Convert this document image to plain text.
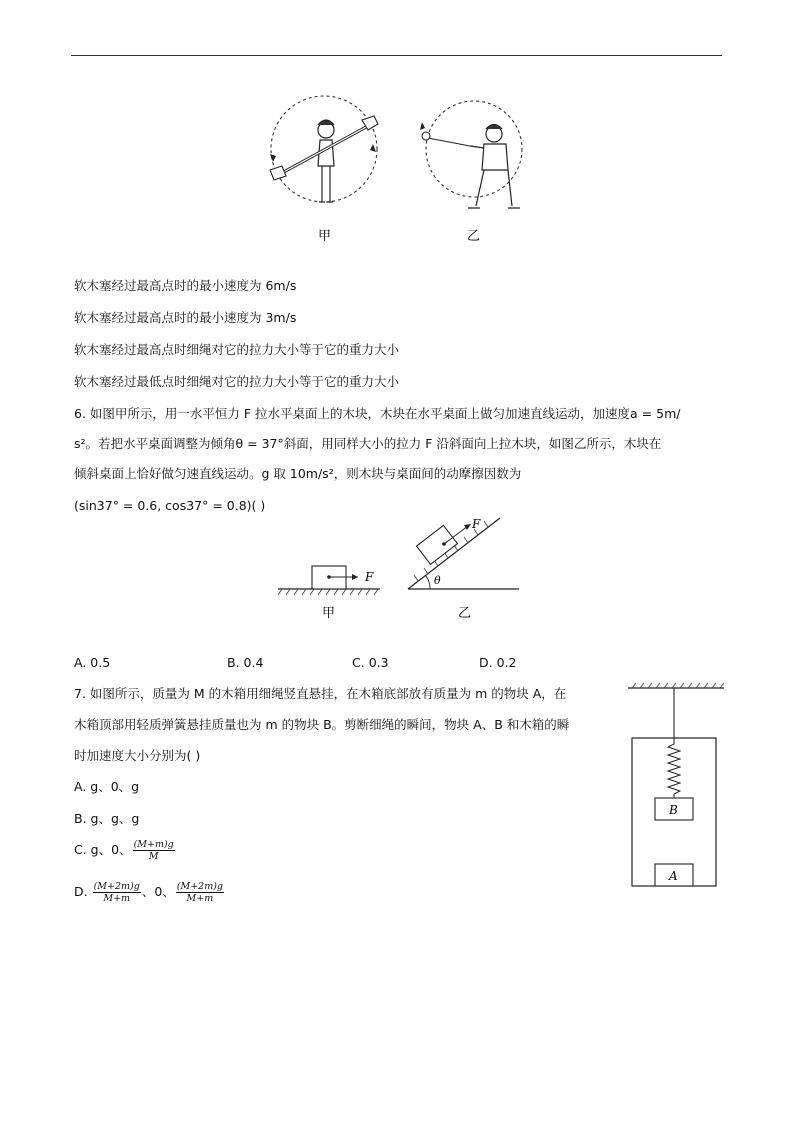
甲	乙
软木塞经过最高点时的最小速度为 6m/s
软木塞经过最高点时的最小速度为 3m/s
软木塞经过最高点时细绳对它的拉力大小等于它的重力大小
软木塞经过最低点时细绳对它的拉力大小等于它的重力大小
6. 如图甲所示，用一水平恒力 F 拉水平桌面上的木块，木块在水平桌面上做匀加速直线运动，加速度a = 5m/
s²。若把水平桌面调整为倾角θ = 37°斜面，用同样大小的拉力 F 沿斜面向上拉木块，如图乙所示，木块在
倾斜桌面上恰好做匀速直线运动。g 取 10m/s²，则木块与桌面间的动摩擦因数为
(sin37° = 0.6, cos37° = 0.8)( )
F
甲
F
θ
乙
A. 0.5	B. 0.4	C. 0.3	D. 0.2
7. 如图所示，质量为 M 的木箱用细绳竖直悬挂，在木箱底部放有质量为 m 的物块 A，在
木箱顶部用轻质弹簧悬挂质量也为 m 的物块 B。剪断细绳的瞬间，物块 A、B 和木箱的瞬
时加速度大小分别为( )
A. g、0、g
B. g、g、g
C. g、0、 $\frac{(M+m)g}{M}$
D. $\frac{(M+2m)g}{M+m}$ 、0、 $\frac{(M+2m)g}{M+m}$
B
A
